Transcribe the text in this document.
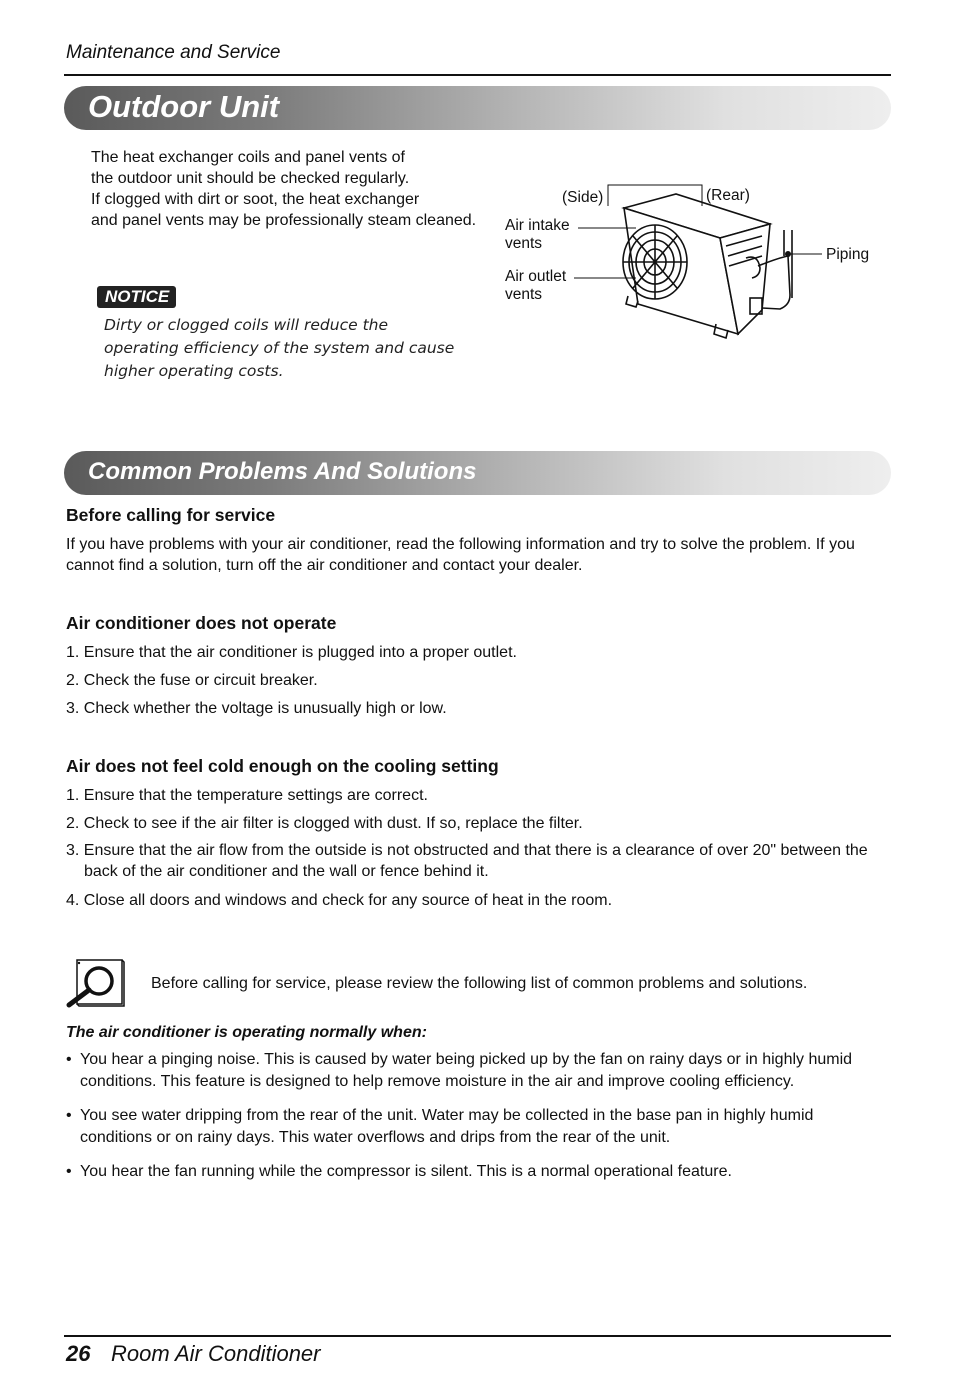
Maintenance and Service
Outdoor Unit
The heat exchanger coils and panel vents of
the outdoor unit should be checked regularly.
If clogged with dirt or soot, the heat exchanger
and panel vents may be professionally steam cleaned.
NOTICE
Dirty or clogged coils will reduce the
operating efficiency of the system and cause
higher operating costs.
(Side)	(Rear)
Air intake
vents
Air outlet
vents
Piping
Common Problems And Solutions
Before calling for service
If you have problems with your air conditioner, read the following information and try to solve the problem. If you
cannot find a solution, turn off the air conditioner and contact your dealer.
Air conditioner does not operate
1. Ensure that the air conditioner is plugged into a proper outlet.
2. Check the fuse or circuit breaker.
3. Check whether the voltage is unusually high or low.
Air does not feel cold enough on the cooling setting
1. Ensure that the temperature settings are correct.
2. Check to see if the air filter is clogged with dust. If so, replace the filter.
3. Ensure that the air flow from the outside is not obstructed and that there is a clearance of over 20" between the
back of the air conditioner and the wall or fence behind it.
4. Close all doors and windows and check for any source of heat in the room.
Before calling for service, please review the following list of common problems and solutions.
The air conditioner is operating normally when:
• You hear a pinging noise. This is caused by water being picked up by the fan on rainy days or in highly humid
conditions. This feature is designed to help remove moisture in the air and improve cooling efficiency.
• You see water dripping from the rear of the unit. Water may be collected in the base pan in highly humid
conditions or on rainy days. This water overflows and drips from the rear of the unit.
• You hear the fan running while the compressor is silent. This is a normal operational feature.
26 Room Air Conditioner
